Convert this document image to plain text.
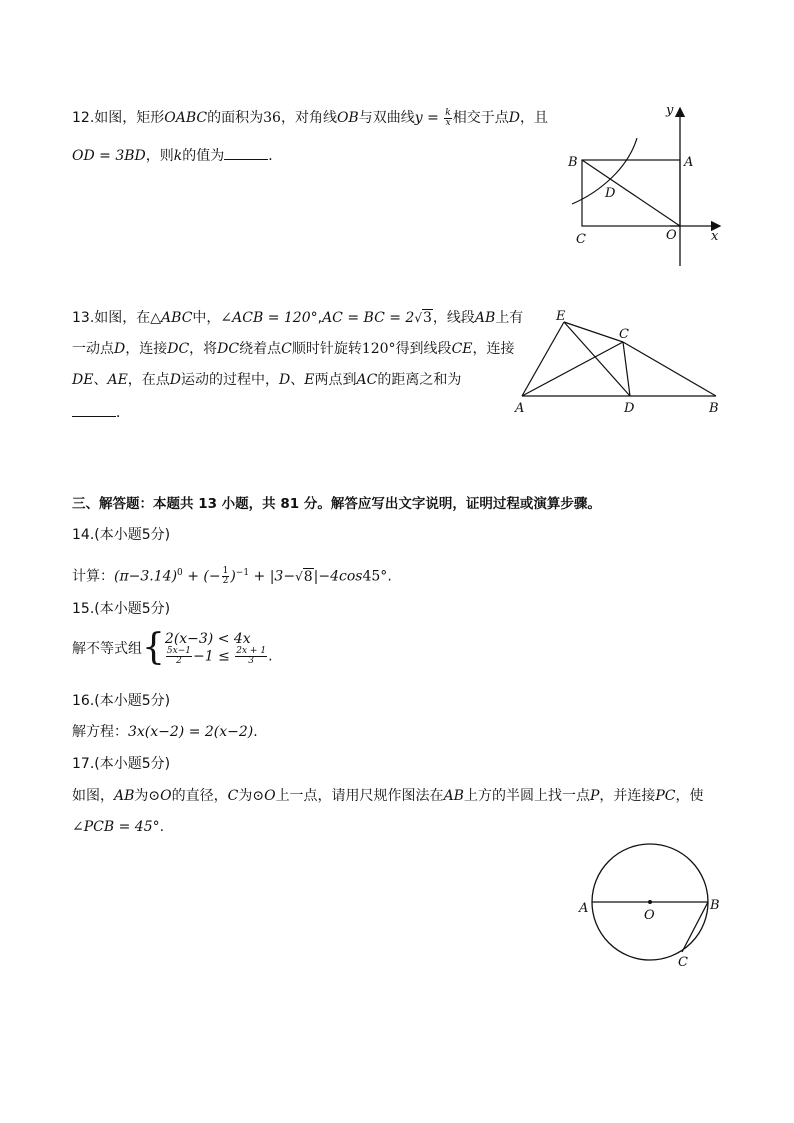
12.如图，矩形OABC的面积为36，对角线OB与双曲线$y = \frac{k}{x}$ 相交于点D，且
OD = 3BD，则k的值为	．
y
x
A
B
C	O
D
13.如图，在△ABC中，∠ACB = 120°,AC = BC = 2√3，线段AB上有
一动点D，连接DC，将DC绕着点C顺时针旋转120°得到线段CE，连接
DE、AE，在点D运动的过程中，D、E两点到AC的距离之和为
．
E
C
A	D	B
三、解答题：本题共 13 小题，共 81 分。解答应写出文字说明，证明过程或演算步骤。
14.(本小题5分)
计算：$(\pi-3.14)^0$ + (− $\frac{1}{2} )^{-1} + |3-√8|-4\cos 45^\circ$.
15.(本小题5分)
解不等式组{ 2(x−3) < 4x
$\frac{5x-1}{2} -1 \le \frac{2x + 1}{3}$ .
16.(本小题5分)
解方程：3x(x−2) = 2(x−2).
17.(本小题5分)
如图，AB为⊙O的直径，C为⊙O上一点，请用尺规作图法在AB上方的半圆上找一点P，并连接PC，使
∠PCB = 45°.
A	O
B
C
